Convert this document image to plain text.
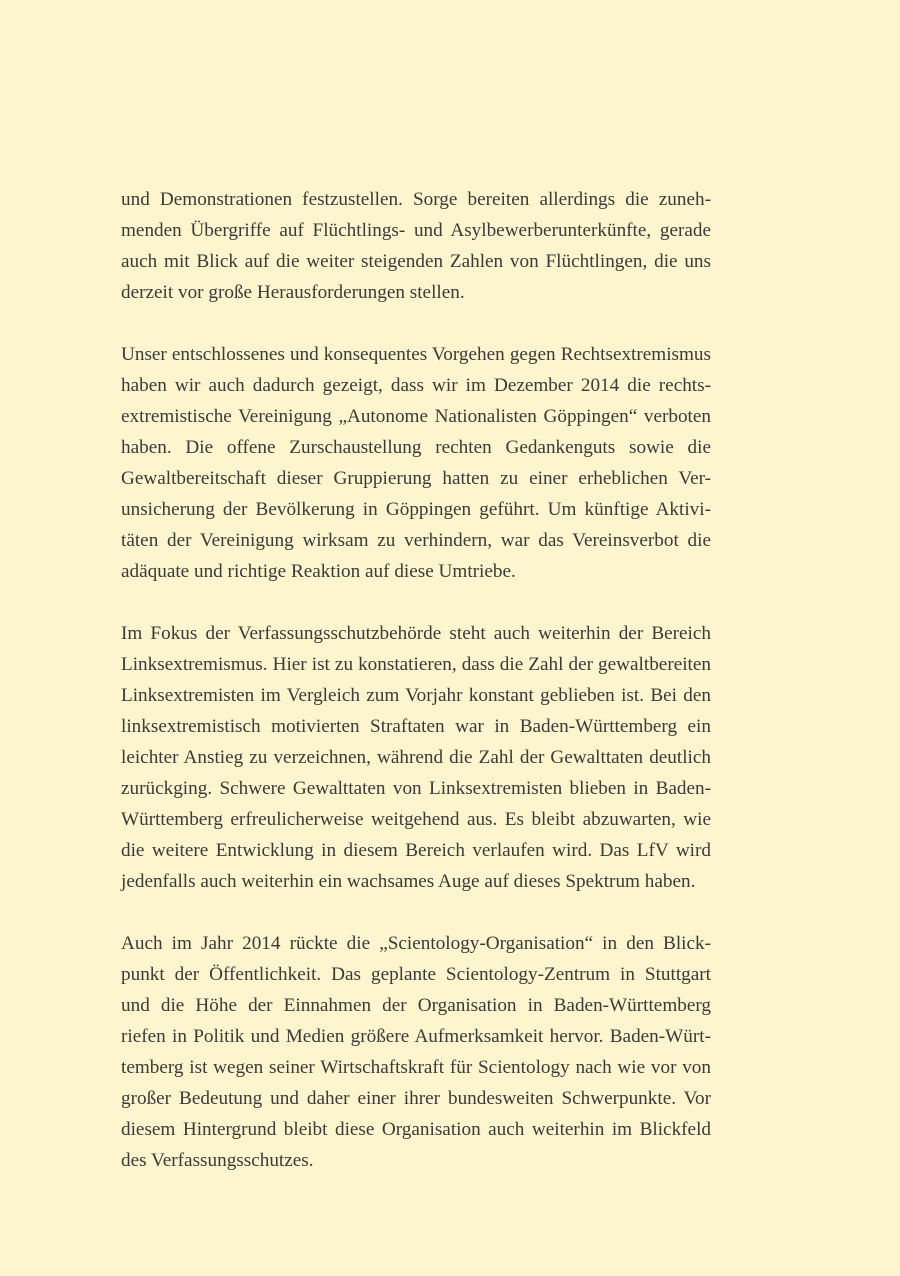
und Demonstrationen festzustellen. Sorge bereiten allerdings die zuneh-
menden Übergriffe auf Flüchtlings- und Asylbewerberunterkünfte, gerade
auch mit Blick auf die weiter steigenden Zahlen von Flüchtlingen, die uns
derzeit vor große Herausforderungen stellen.
Unser entschlossenes und konsequentes Vorgehen gegen Rechtsextremismus
haben wir auch dadurch gezeigt, dass wir im Dezember 2014 die rechts-
extremistische Vereinigung „Autonome Nationalisten Göppingen“ verboten
haben. Die offene Zurschaustellung rechten Gedankenguts sowie die
Gewaltbereitschaft dieser Gruppierung hatten zu einer erheblichen Ver-
unsicherung der Bevölkerung in Göppingen geführt. Um künftige Aktivi-
täten der Vereinigung wirksam zu verhindern, war das Vereinsverbot die
adäquate und richtige Reaktion auf diese Umtriebe.
Im Fokus der Verfassungsschutzbehörde steht auch weiterhin der Bereich
Linksextremismus. Hier ist zu konstatieren, dass die Zahl der gewaltbereiten
Linksextremisten im Vergleich zum Vorjahr konstant geblieben ist. Bei den
linksextremistisch motivierten Straftaten war in Baden-Württemberg ein
leichter Anstieg zu verzeichnen, während die Zahl der Gewalttaten deutlich
zurückging. Schwere Gewalttaten von Linksextremisten blieben in Baden-
Württemberg erfreulicherweise weitgehend aus. Es bleibt abzuwarten, wie
die weitere Entwicklung in diesem Bereich verlaufen wird. Das LfV wird
jedenfalls auch weiterhin ein wachsames Auge auf dieses Spektrum haben.
Auch im Jahr 2014 rückte die „Scientology-Organisation“ in den Blick-
punkt der Öffentlichkeit. Das geplante Scientology-Zentrum in Stuttgart
und die Höhe der Einnahmen der Organisation in Baden-Württemberg
riefen in Politik und Medien größere Aufmerksamkeit hervor. Baden-Würt-
temberg ist wegen seiner Wirtschaftskraft für Scientology nach wie vor von
großer Bedeutung und daher einer ihrer bundesweiten Schwerpunkte. Vor
diesem Hintergrund bleibt diese Organisation auch weiterhin im Blickfeld
des Verfassungsschutzes.
